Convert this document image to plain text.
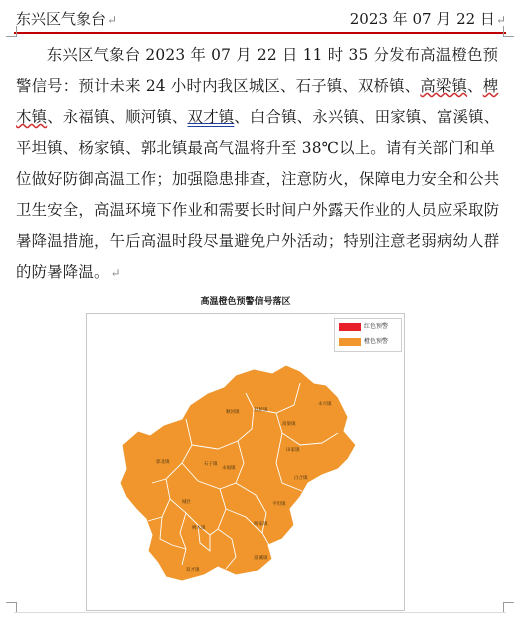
东兴区气象台↵	2023 年 07 月 22 日↵

东兴区气象台 2023 年 07 月 22 日 11 时 35 分发布高温橙色预警信号：预计未来 24 小时内我区城区、石子镇、双桥镇、高梁镇、椑木镇、永福镇、顺河镇、双才镇、白合镇、永兴镇、田家镇、富溪镇、平坦镇、杨家镇、郭北镇最高气温将升至 38℃以上。请有关部门和单位做好防御高温工作；加强隐患排查，注意防火，保障电力安全和公共卫生安全，高温环境下作业和需要长时间户外露天作业的人员应采取防暑降温措施，午后高温时段尽量避免户外活动；特别注意老弱病幼人群的防暑降温。↵

高温橙色预警信号落区
双桥镇
高梁镇
永兴镇
田家镇
白合镇
顺河镇
石子镇
永福镇
郭北镇
平坦镇
杨家镇
椑木镇
富溪镇
城区
双才镇
红色预警
橙色预警
